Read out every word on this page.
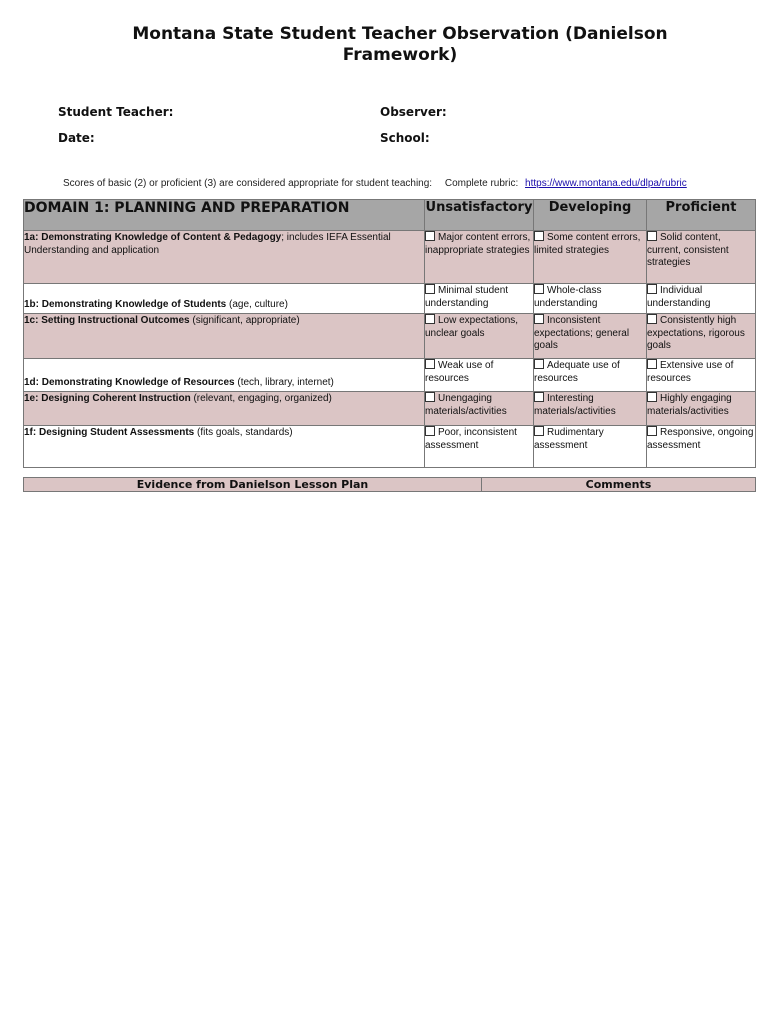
Montana State Student Teacher Observation (Danielson Framework)
Student Teacher:	Observer:
Date:	School:
Scores of basic (2) or proficient (3) are considered appropriate for student teaching: Complete rubric: https://www.montana.edu/dlpa/rubric
DOMAIN 1: PLANNING AND PREPARATION	Unsatisfactory	Developing	Proficient
1a: Demonstrating Knowledge of Content & Pedagogy; includes IEFA Essential Understanding and application	Major content errors, inappropriate strategies	Some content errors, limited strategies	Solid content, current, consistent strategies
1b: Demonstrating Knowledge of Students (age, culture)	Minimal student understanding	Whole-class understanding	Individual understanding
1c: Setting Instructional Outcomes (significant, appropriate)	Low expectations, unclear goals	Inconsistent expectations; general goals	Consistently high expectations, rigorous goals
1d: Demonstrating Knowledge of Resources (tech, library, internet)	Weak use of resources	Adequate use of resources	Extensive use of resources
1e: Designing Coherent Instruction (relevant, engaging, organized)	Unengaging materials/activities	Interesting materials/activities	Highly engaging materials/activities
1f: Designing Student Assessments (fits goals, standards)	Poor, inconsistent assessment	Rudimentary assessment	Responsive, ongoing assessment
Evidence from Danielson Lesson Plan	Comments
